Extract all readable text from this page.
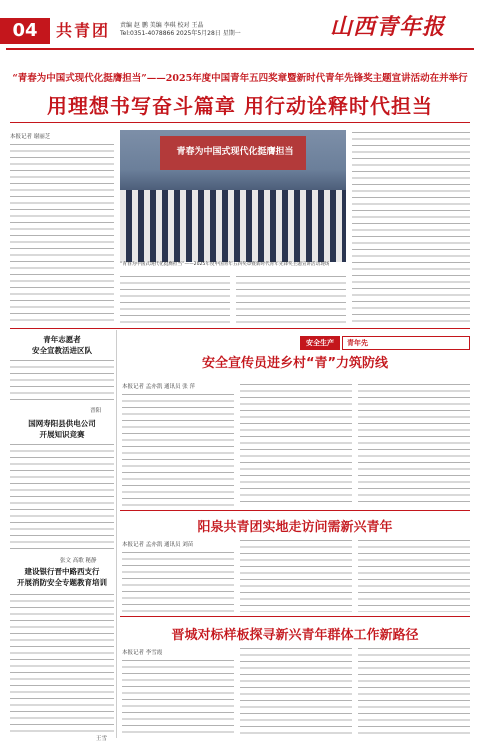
04	共青团 责编 赵 鹏 美编 李琪 校对 王晶
Tel:0351-4078866 2025年5月28日 星期一	山西青年报
“青春为中国式现代化挺膺担当”——2025年度中国青年五四奖章暨新时代青年先锋奖主题宣讲活动在并举行
用理想书写奋斗篇章 用行动诠释时代担当
本报记者 谢丽芝
青春为中国式现代化挺膺担当
“青春为中国式现代化挺膺担当”——2025年度中国青年五四奖章暨新时代青年先锋奖主题宣讲活动现场
青年志愿者
安全宣教活进区队
晋阳
国网寿阳县供电公司
开展知识竞赛
张文 高歌 秘静
建设银行晋中路西支行
开展消防安全专题教育培训
王雪
安全生产	青年先
安全宣传员进乡村“青”力筑防线
本报记者 孟亦凯 通讯员 张 萍
阳泉共青团实地走访问需新兴青年
本报记者 孟亦凯 通讯员 刘苗
晋城对标样板探寻新兴青年群体工作新路径
本报记者 李雪霞
